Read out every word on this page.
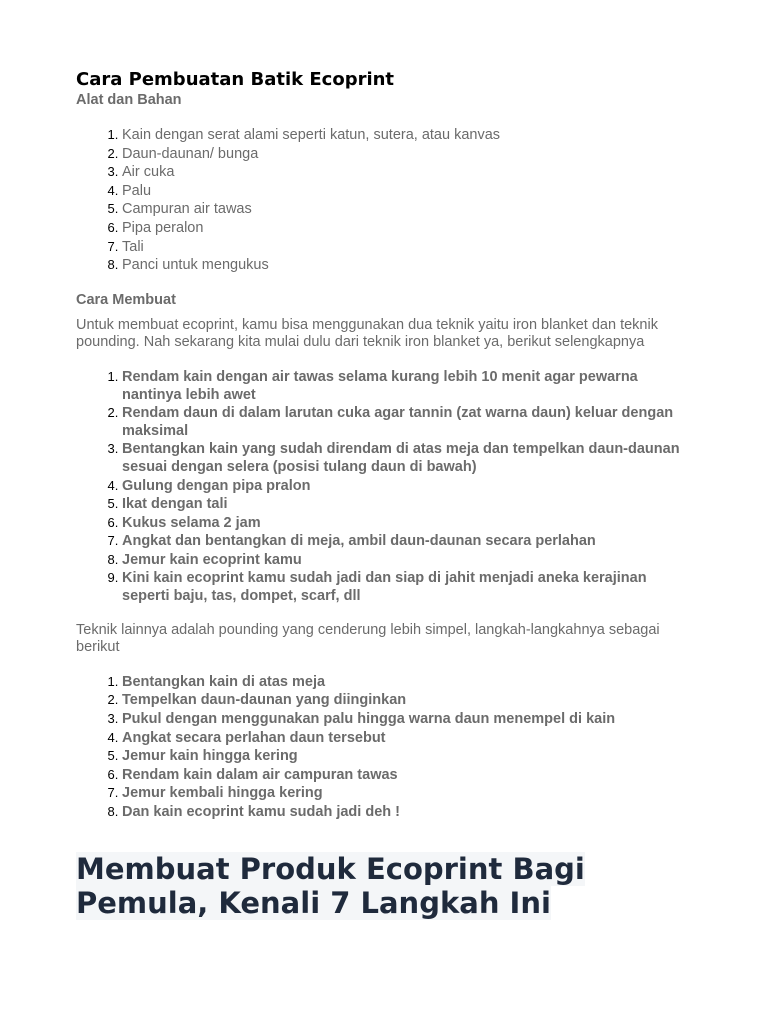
Cara Pembuatan Batik Ecoprint
Alat dan Bahan
1. Kain dengan serat alami seperti katun, sutera, atau kanvas
2. Daun-daunan/ bunga
3. Air cuka
4. Palu
5. Campuran air tawas
6. Pipa peralon
7. Tali
8. Panci untuk mengukus
Cara Membuat

Untuk membuat ecoprint, kamu bisa menggunakan dua teknik yaitu iron blanket dan teknik pounding. Nah sekarang kita mulai dulu dari teknik iron blanket ya, berikut selengkapnya

1. Rendam kain dengan air tawas selama kurang lebih 10 menit agar pewarna nantinya lebih awet
2. Rendam daun di dalam larutan cuka agar tannin (zat warna daun) keluar dengan maksimal
3. Bentangkan kain yang sudah direndam di atas meja dan tempelkan daun-daunan sesuai dengan selera (posisi tulang daun di bawah)
4. Gulung dengan pipa pralon
5. Ikat dengan tali
6. Kukus selama 2 jam
7. Angkat dan bentangkan di meja, ambil daun-daunan secara perlahan
8. Jemur kain ecoprint kamu
9. Kini kain ecoprint kamu sudah jadi dan siap di jahit menjadi aneka kerajinan seperti baju, tas, dompet, scarf, dll

Teknik lainnya adalah pounding yang cenderung lebih simpel, langkah-langkahnya sebagai berikut

1. Bentangkan kain di atas meja
2. Tempelkan daun-daunan yang diinginkan
3. Pukul dengan menggunakan palu hingga warna daun menempel di kain
4. Angkat secara perlahan daun tersebut
5. Jemur kain hingga kering
6. Rendam kain dalam air campuran tawas
7. Jemur kembali hingga kering
8. Dan kain ecoprint kamu sudah jadi deh !
Membuat Produk Ecoprint Bagi Pemula, Kenali 7 Langkah Ini
